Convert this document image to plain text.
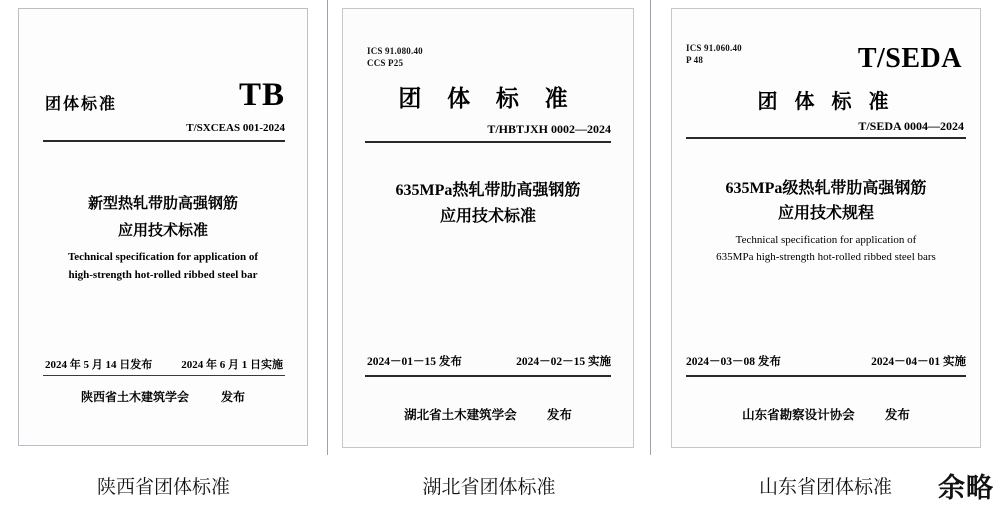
团体标准	TB
T/SXCEAS 001-2024
新型热轧带肋高强钢筋
应用技术标准
Technical specification for application of
high-strength hot-rolled ribbed steel bar
2024 年 5 月 14 日发布	2024 年 6 月 1 日实施
陕西省土木建筑学会	发布
陕西省团体标准
ICS 91.080.40
CCS P25
团 体 标 准
T/HBTJXH 0002—2024
635MPa热轧带肋高强钢筋
应用技术标准
2024－01－15 发布	2024－02－15 实施
湖北省土木建筑学会 发布
湖北省团体标准
ICS 91.060.40
P 48	T/SEDA
团 体 标 准
T/SEDA 0004—2024
635MPa级热轧带肋高强钢筋
应用技术规程
Technical specification for application of
635MPa high-strength hot-rolled ribbed steel bars
2024－03－08 发布	2024－04－01 实施
山东省勘察设计协会 发布
山东省团体标准	余略
